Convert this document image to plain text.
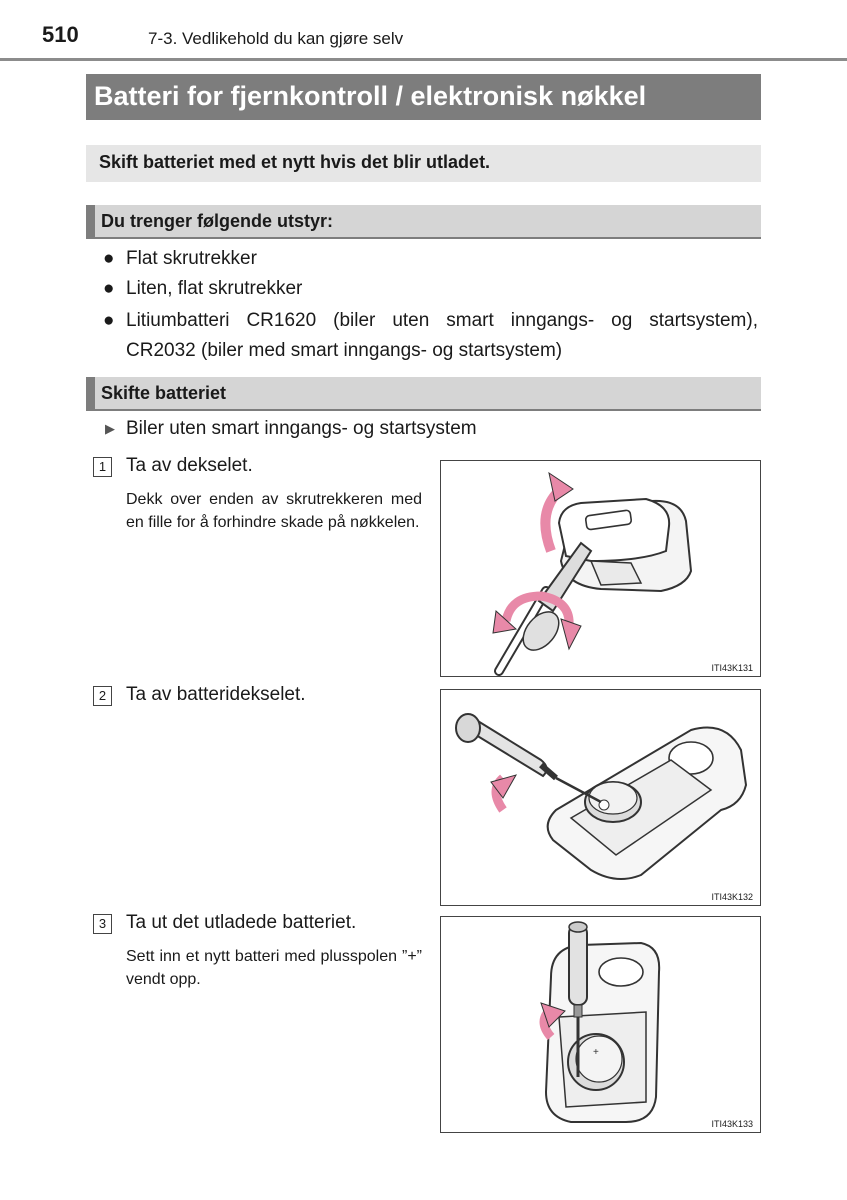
510	7-3. Vedlikehold du kan gjøre selv
Batteri for fjernkontroll / elektronisk nøkkel
Skift batteriet med et nytt hvis det blir utladet.
Du trenger følgende utstyr:
● Flat skrutrekker
● Liten, flat skrutrekker
● Litiumbatteri CR1620 (biler uten smart inngangs- og startsystem),
CR2032 (biler med smart inngangs- og startsystem)
Skifte batteriet
▶ Biler uten smart inngangs- og startsystem
1	Ta av dekselet.
Dekk over enden av skrutrekkeren med en fille for å forhindre skade på nøkkelen.
ITI43K131
2	Ta av batteridekselet.
ITI43K132
3	Ta ut det utladede batteriet.
Sett inn et nytt batteri med plusspolen ”+” vendt opp.
+
ITI43K133
